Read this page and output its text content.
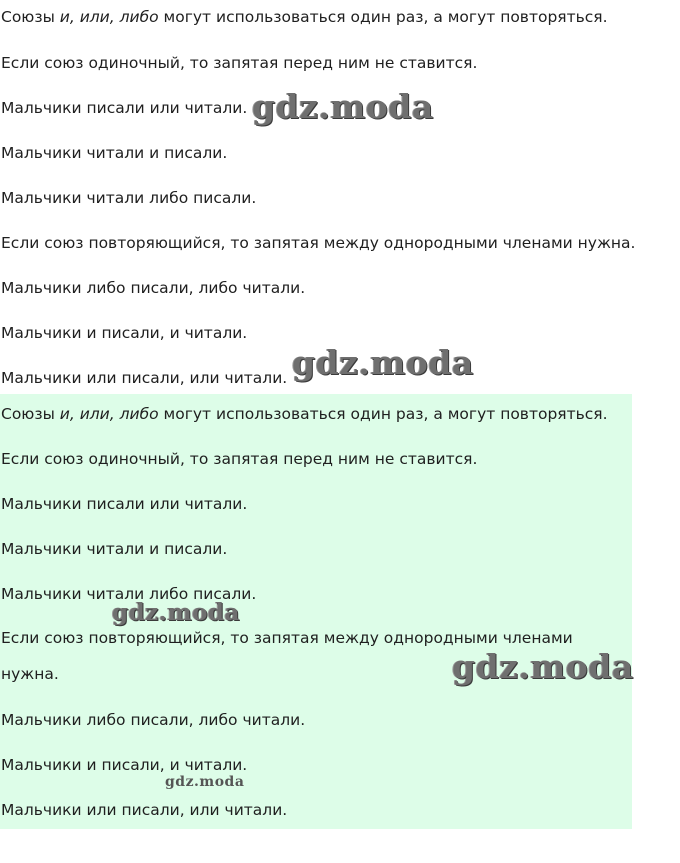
Союзы и, или, либо могут использоваться один раз, а могут повторяться.

Если союз одиночный, то запятая перед ним не ставится.

Мальчики писали или читали.

Мальчики читали и писали.

Мальчики читали либо писали.

Если союз повторяющийся, то запятая между однородными членами нужна.

Мальчики либо писали, либо читали.

Мальчики и писали, и читали.

Мальчики или писали, или читали.

Союзы и, или, либо могут использоваться один раз, а могут повторяться.

Если союз одиночный, то запятая перед ним не ставится.

Мальчики писали или читали.

Мальчики читали и писали.

Мальчики читали либо писали.

Если союз повторяющийся, то запятая между однородными членами нужна.

Мальчики либо писали, либо читали.

Мальчики и писали, и читали.

Мальчики или писали, или читали.

gdz.moda
gdz.moda
gdz.moda
gdz.moda
gdz.moda
